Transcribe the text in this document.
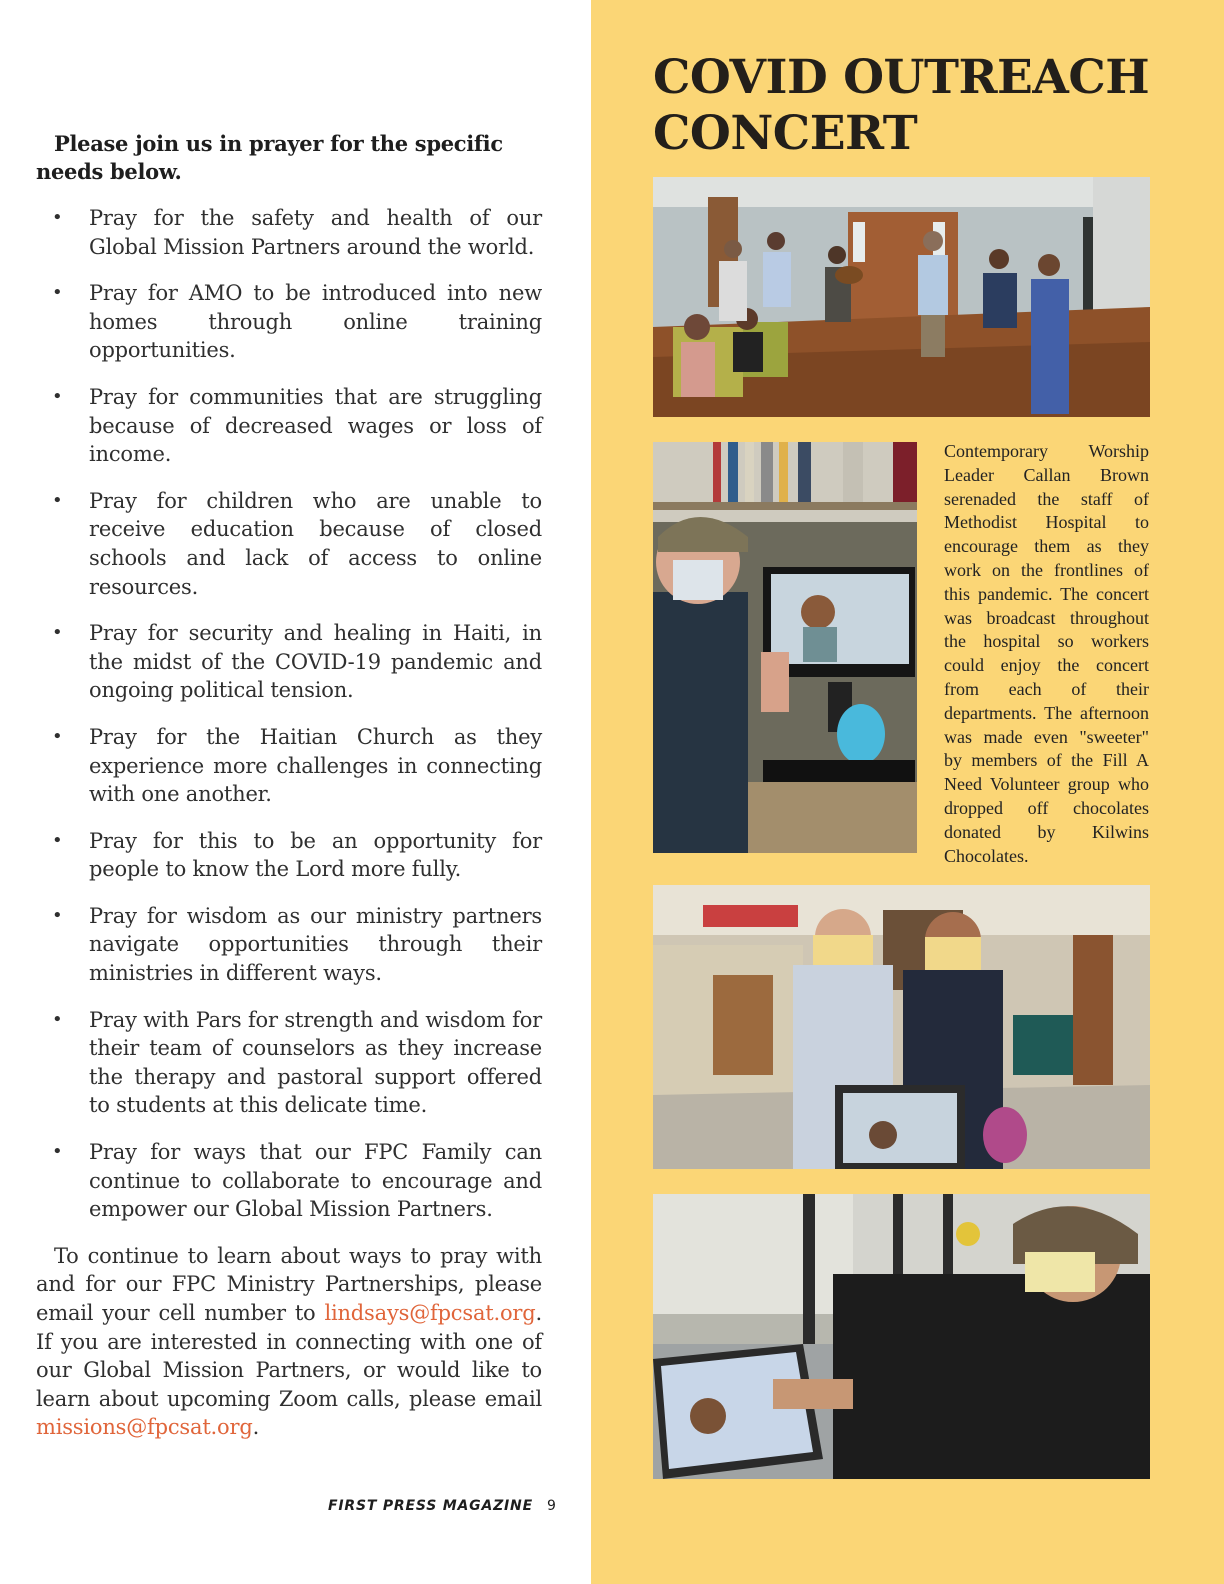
Please join us in prayer for the specific needs below.

• Pray for the safety and health of our Global Mission Partners around the world.
• Pray for AMO to be introduced into new homes through online training opportunities.
• Pray for communities that are struggling because of decreased wages or loss of income.
• Pray for children who are unable to receive education because of closed schools and lack of access to online resources.
• Pray for security and healing in Haiti, in the midst of the COVID-19 pandemic and ongoing political tension.
• Pray for the Haitian Church as they experience more challenges in connecting with one another.
• Pray for this to be an opportunity for people to know the Lord more fully.
• Pray for wisdom as our ministry partners navigate opportunities through their ministries in different ways.
• Pray with Pars for strength and wisdom for their team of counselors as they increase the therapy and pastoral support offered to students at this delicate time.
• Pray for ways that our FPC Family can continue to collaborate to encourage and empower our Global Mission Partners.

To continue to learn about ways to pray with and for our FPC Ministry Partnerships, please email your cell number to lindsays@fpcsat.org. If you are interested in connecting with one of our Global Mission Partners, or would like to learn about upcoming Zoom calls, please email missions@fpcsat.org.

FIRST PRESS MAGAZINE 9
COVID OUTREACH CONCERT

Contemporary Worship Leader Callan Brown serenaded the staff of Methodist Hospital to encourage them as they work on the frontlines of this pandemic. The concert was broadcast throughout the hospital so workers could enjoy the concert from each of their departments. The afternoon was made even "sweeter" by members of the Fill A Need Volunteer group who dropped off chocolates donated by Kilwins Chocolates.
